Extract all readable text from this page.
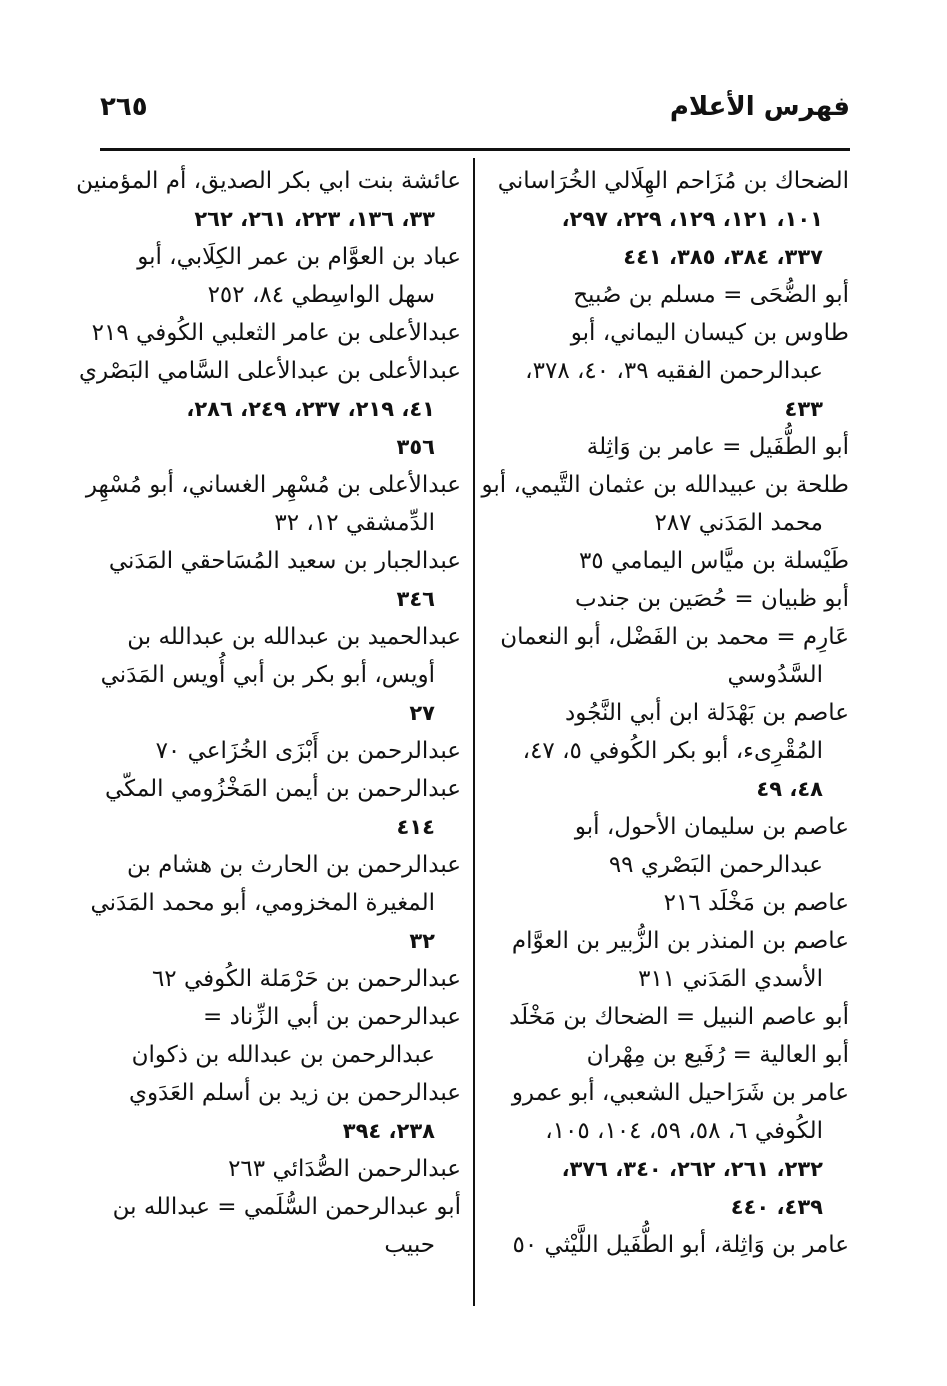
فهرس الأعلام
٢٦٥

الضحاك بن مُزَاحم الهِلَالي الخُرَاساني
١٠١، ١٢١، ١٢٩، ٢٢٩، ٢٩٧،
٣٣٧، ٣٨٤، ٣٨٥، ٤٤١

أبو الضُّحَى = مسلم بن صُبيح

طاوس بن كيسان اليماني، أبو
عبدالرحمن الفقيه ٣٩، ٤٠، ٣٧٨،
٤٣٣

أبو الطُّفَيل = عامر بن وَاثِلة

طلحة بن عبيدالله بن عثمان التَّيمي، أبو
محمد المَدَني ٢٨٧

طَيْسلة بن ميَّاس اليمامي ٣٥

أبو ظبيان = حُصَين بن جندب

عَارِم = محمد بن الفَضْل، أبو النعمان
السَّدُوسي

عاصم بن بَهْدَلة ابن أبي النَّجُود
المُقْرِىء، أبو بكر الكُوفي ٥، ٤٧،
٤٨، ٤٩

عاصم بن سليمان الأحول، أبو
عبدالرحمن البَصْري ٩٩

عاصم بن مَخْلَد ٢١٦

عاصم بن المنذر بن الزُّبير بن العوَّام
الأسدي المَدَني ٣١١

أبو عاصم النبيل = الضحاك بن مَخْلَد

أبو العالية = رُفَيع بن مِهْران

عامر بن شَرَاحيل الشعبي، أبو عمرو
الكُوفي ٦، ٥٨، ٥٩، ١٠٤، ١٠٥،
٢٣٢، ٢٦١، ٢٦٢، ٣٤٠، ٣٧٦،
٤٣٩، ٤٤٠

عامر بن وَاثِلة، أبو الطُّفَيل اللَّيْثي ٥٠

عائشة بنت ابي بكر الصديق، أم المؤمنين
٣٣، ١٣٦، ٢٢٣، ٢٦١، ٢٦٢

عباد بن العوَّام بن عمر الكِلَابي، أبو
سهل الواسِطي ٨٤، ٢٥٢

عبدالأعلى بن عامر الثعلبي الكُوفي ٢١٩

عبدالأعلى بن عبدالأعلى السَّامي البَصْري
٤١، ٢١٩، ٢٣٧، ٢٤٩، ٢٨٦،
٣٥٦

عبدالأعلى بن مُسْهِر الغساني، أبو مُسْهِر
الدِّمشقي ١٢، ٣٢

عبدالجبار بن سعيد المُسَاحقي المَدَني
٣٤٦

عبدالحميد بن عبدالله بن عبدالله بن
أويس، أبو بكر بن أبي أُويس المَدَني
٢٧

عبدالرحمن بن أَبْزَى الخُزَاعي ٧٠

عبدالرحمن بن أيمن المَخْزُومي المكّي
٤١٤

عبدالرحمن بن الحارث بن هشام بن
المغيرة المخزومي، أبو محمد المَدَني
٣٢

عبدالرحمن بن حَرْمَلة الكُوفي ٦٢

عبدالرحمن بن أبي الزِّناد =
عبدالرحمن بن عبدالله بن ذكوان

عبدالرحمن بن زيد بن أسلم العَدَوي
٢٣٨، ٣٩٤

عبدالرحمن الصُّدَائي ٢٦٣

أبو عبدالرحمن السُّلَمي = عبدالله بن
حبيب
